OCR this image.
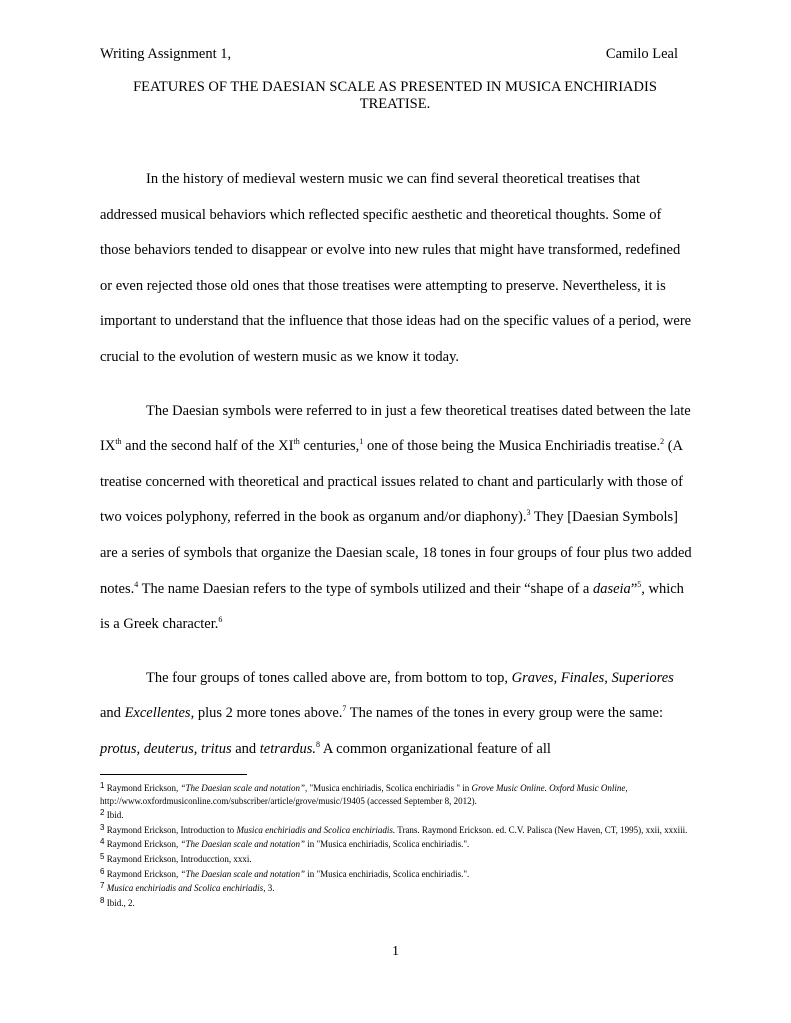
Writing Assignment 1,	Camilo Leal
FEATURES OF THE DAESIAN SCALE AS PRESENTED IN MUSICA ENCHIRIADIS TREATISE.

In the history of medieval western music we can find several theoretical treatises that addressed musical behaviors which reflected specific aesthetic and theoretical thoughts. Some of those behaviors tended to disappear or evolve into new rules that might have transformed, redefined or even rejected those old ones that those treatises were attempting to preserve. Nevertheless, it is important to understand that the influence that those ideas had on the specific values of a period, were crucial to the evolution of western music as we know it today.

The Daesian symbols were referred to in just a few theoretical treatises dated between the late IXth and the second half of the XIth centuries,$^1$ one of those being the Musica Enchiriadis treatise.$^2$ (A treatise concerned with theoretical and practical issues related to chant and particularly with those of two voices polyphony, referred in the book as organum and/or diaphony).$^3$ They [Daesian Symbols] are a series of symbols that organize the Daesian scale, 18 tones in four groups of four plus two added notes.$^4$ The name Daesian refers to the type of symbols utilized and their “shape of a daseia”$^5$, which is a Greek character.$^6$

The four groups of tones called above are, from bottom to top, Graves, Finales, Superiores and Excellentes, plus 2 more tones above.$^7$ The names of the tones in every group were the same: protus, deuterus, tritus and tetrardus.$^8$ A common organizational feature of all

1 Raymond Erickson, “The Daesian scale and notation”, "Musica enchiriadis, Scolica enchiriadis " in Grove Music Online. Oxford Music Online, http://www.oxfordmusiconline.com/subscriber/article/grove/music/19405 (accessed September 8, 2012).

2 Ibid.

3 Raymond Erickson, Introduction to Musica enchiriadis and Scolica enchiriadis. Trans. Raymond Erickson. ed. C.V. Palisca (New Haven, CT, 1995), xxii, xxxiii.

4 Raymond Erickson, “The Daesian scale and notation” in "Musica enchiriadis, Scolica enchiriadis.".

5 Raymond Erickson, Introducction, xxxi.

6 Raymond Erickson, “The Daesian scale and notation” in "Musica enchiriadis, Scolica enchiriadis.".

7 Musica enchiriadis and Scolica enchiriadis, 3.

8 Ibid., 2.

1
